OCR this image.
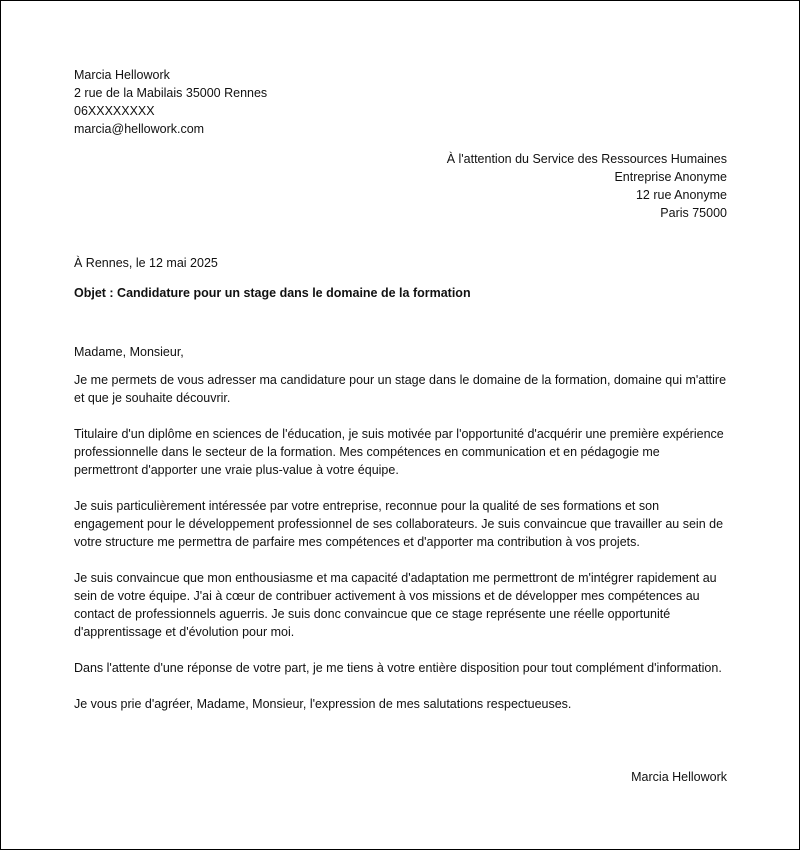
Marcia Hellowork
2 rue de la Mabilais 35000 Rennes
06XXXXXXXX
marcia@hellowork.com
À l'attention du Service des Ressources Humaines
Entreprise Anonyme
12 rue Anonyme
Paris 75000
À Rennes, le 12 mai 2025
Objet : Candidature pour un stage dans le domaine de la formation

Madame, Monsieur,

Je me permets de vous adresser ma candidature pour un stage dans le domaine de la formation, domaine qui m'attire et que je souhaite découvrir.

Titulaire d'un diplôme en sciences de l'éducation, je suis motivée par l'opportunité d'acquérir une première expérience professionnelle dans le secteur de la formation. Mes compétences en communication et en pédagogie me permettront d'apporter une vraie plus-value à votre équipe.

Je suis particulièrement intéressée par votre entreprise, reconnue pour la qualité de ses formations et son engagement pour le développement professionnel de ses collaborateurs. Je suis convaincue que travailler au sein de votre structure me permettra de parfaire mes compétences et d'apporter ma contribution à vos projets.

Je suis convaincue que mon enthousiasme et ma capacité d'adaptation me permettront de m'intégrer rapidement au sein de votre équipe. J'ai à cœur de contribuer activement à vos missions et de développer mes compétences au contact de professionnels aguerris. Je suis donc convaincue que ce stage représente une réelle opportunité d'apprentissage et d'évolution pour moi.

Dans l'attente d'une réponse de votre part, je me tiens à votre entière disposition pour tout complément d'information.

Je vous prie d'agréer, Madame, Monsieur, l'expression de mes salutations respectueuses.

Marcia Hellowork
